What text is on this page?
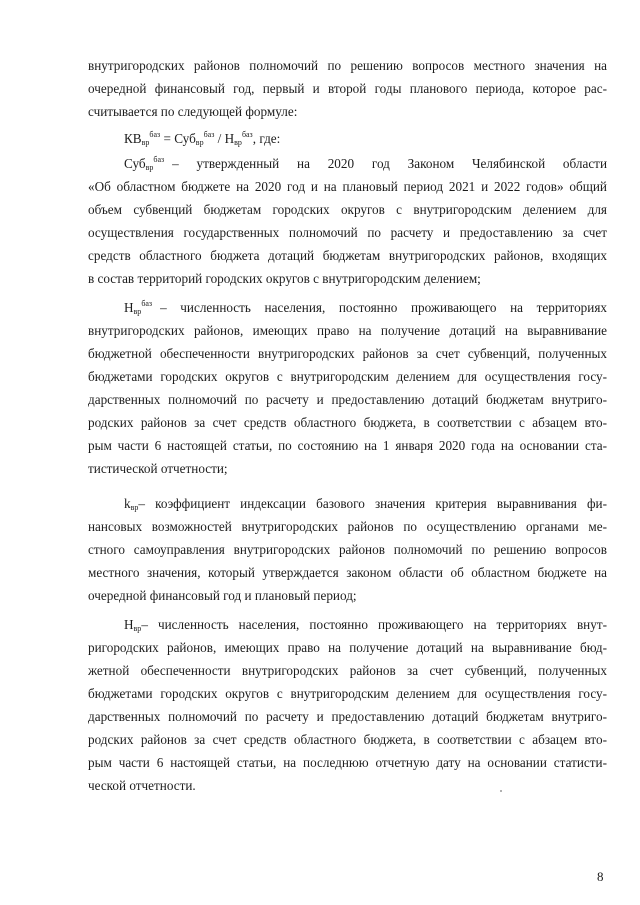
внутригородских районов полномочий по решению вопросов местного значения на
очередной финансовый год, первый и второй годы планового периода, которое рас-
считывается по следующей формуле:
$КВ_{вр}^{баз} = Суб_{вр}^{баз} / Н_{вр}^{баз}$, где:
Суб$_{вр}^{баз}$ – утвержденный на 2020 год Законом Челябинской области
«Об областном бюджете на 2020 год и на плановый период 2021 и 2022 годов» общий
объем субвенций бюджетам городских округов с внутригородским делением для
осуществления государственных полномочий по расчету и предоставлению за счет
средств областного бюджета дотаций бюджетам внутригородских районов, входящих
в состав территорий городских округов с внутригородским делением;
$Н_{вр}^{баз}$ – численность населения, постоянно проживающего на территориях
внутригородских районов, имеющих право на получение дотаций на выравнивание
бюджетной обеспеченности внутригородских районов за счет субвенций, полученных
бюджетами городских округов с внутригородским делением для осуществления госу-
дарственных полномочий по расчету и предоставлению дотаций бюджетам внутриго-
родских районов за счет средств областного бюджета, в соответствии с абзацем вто-
рым части 6 настоящей статьи, по состоянию на 1 января 2020 года на основании ста-
тистической отчетности;
$k_{вр}$ – коэффициент индексации базового значения критерия выравнивания фи-
нансовых возможностей внутригородских районов по осуществлению органами ме-
стного самоуправления внутригородских районов полномочий по решению вопросов
местного значения, который утверждается законом области об областном бюджете на
очередной финансовый год и плановый период;
$Н_{вр}$ – численность населения, постоянно проживающего на территориях внут-
ригородских районов, имеющих право на получение дотаций на выравнивание бюд-
жетной обеспеченности внутригородских районов за счет субвенций, полученных
бюджетами городских округов с внутригородским делением для осуществления госу-
дарственных полномочий по расчету и предоставлению дотаций бюджетам внутриго-
родских районов за счет средств областного бюджета, в соответствии с абзацем вто-
рым части 6 настоящей статьи, на последнюю отчетную дату на основании статисти-
ческой отчетности.
8
